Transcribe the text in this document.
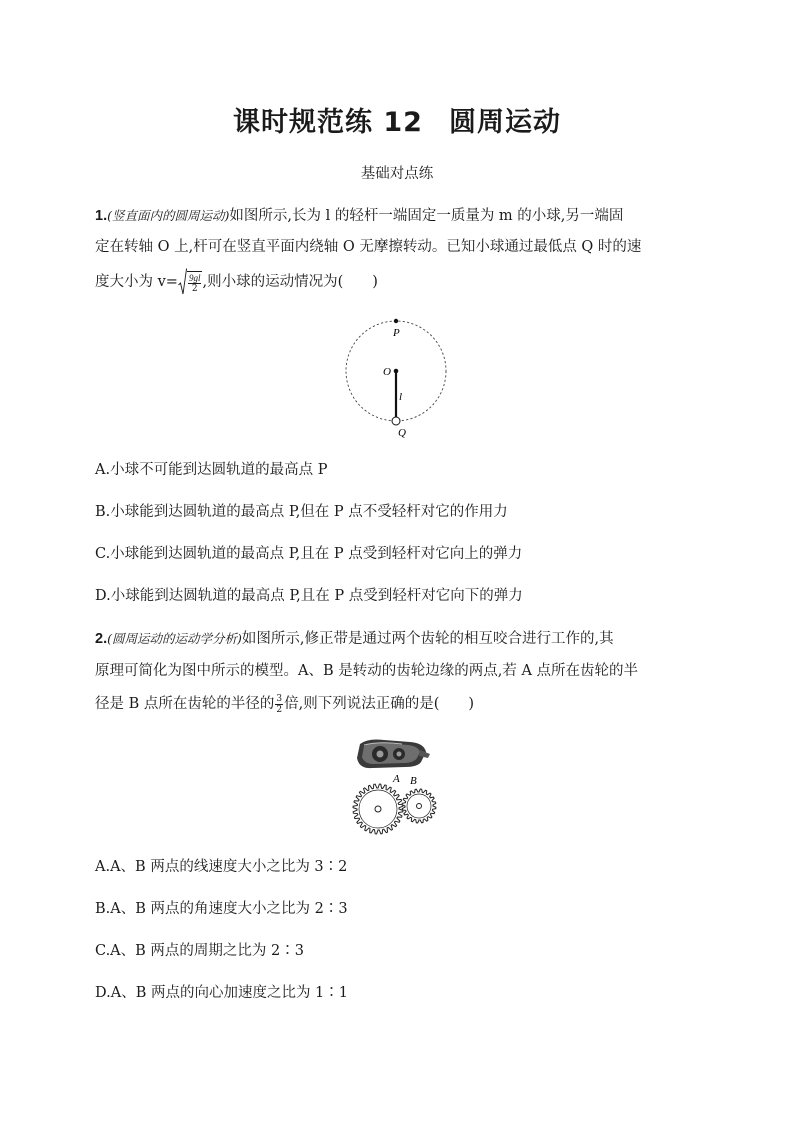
课时规范练 12 圆周运动
基础对点练
1.(竖直面内的圆周运动)如图所示,长为 l 的轻杆一端固定一质量为 m 的小球,另一端固
定在转轴 O 上,杆可在竖直平面内绕轴 O 无摩擦转动。已知小球通过最低点 Q 时的速
度大小为 $v= \frac{9gl}{2}$ ,则小球的运动情况为(　　)
P
O
l
Q
A.小球不可能到达圆轨道的最高点 P
B.小球能到达圆轨道的最高点 P,但在 P 点不受轻杆对它的作用力
C.小球能到达圆轨道的最高点 P,且在 P 点受到轻杆对它向上的弹力
D.小球能到达圆轨道的最高点 P,且在 P 点受到轻杆对它向下的弹力
2.(圆周运动的运动学分析)如图所示,修正带是通过两个齿轮的相互咬合进行工作的,其
原理可简化为图中所示的模型。A、B 是转动的齿轮边缘的两点,若 A 点所在齿轮的半
径是 B 点所在齿轮的半径的 $\frac{3}{2}$ 倍,则下列说法正确的是(　　)
A B
A.A、B 两点的线速度大小之比为 3∶2
B.A、B 两点的角速度大小之比为 2∶3
C.A、B 两点的周期之比为 2∶3
D.A、B 两点的向心加速度之比为 1∶1
